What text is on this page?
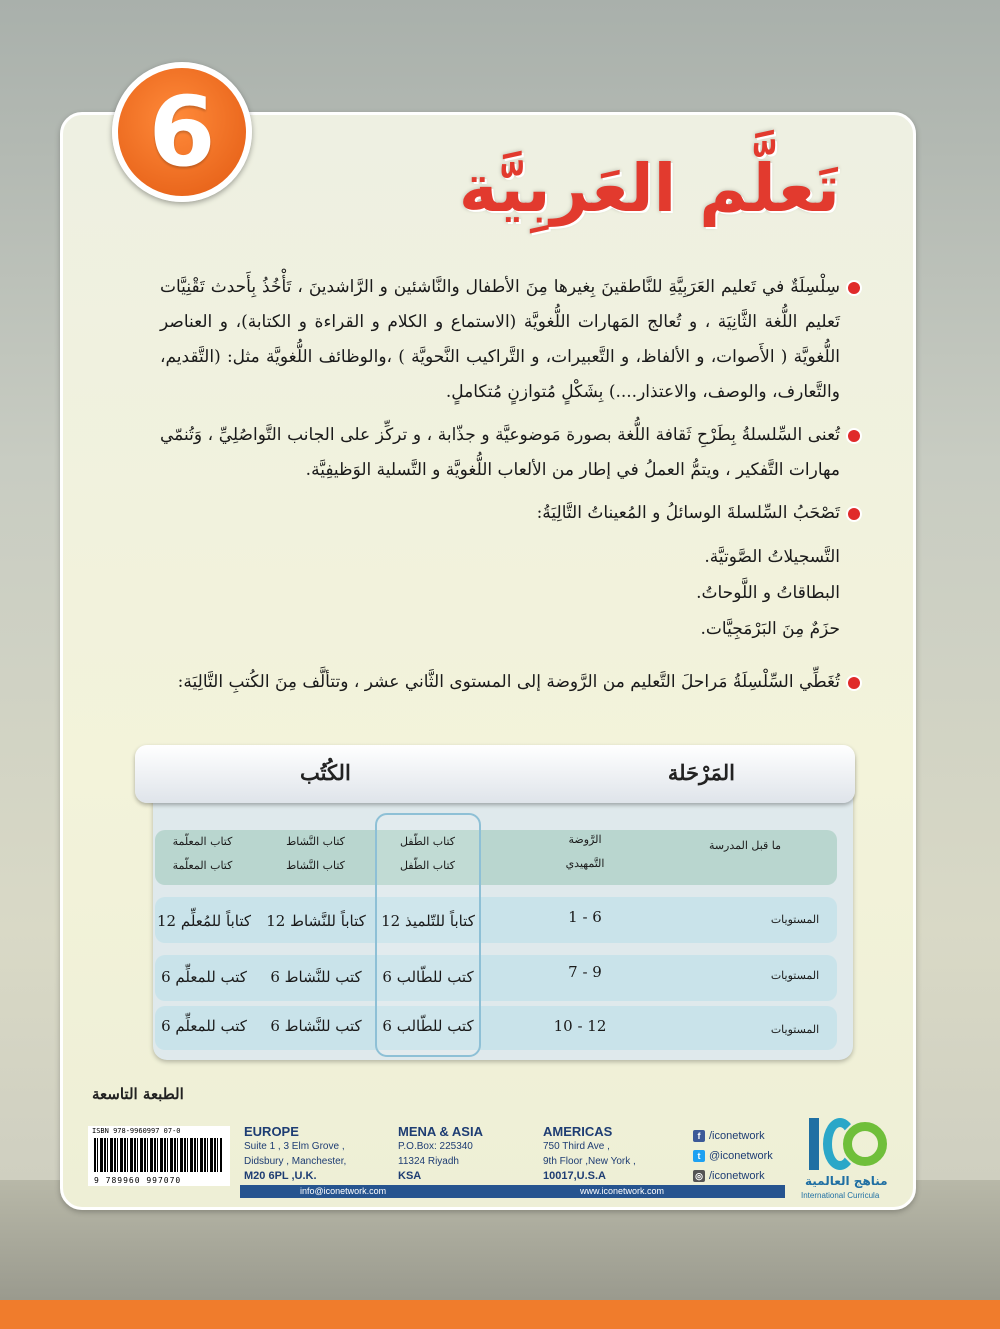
6
تَعلَّم العَربِيَّة
سِلْسِلَةٌ في تَعليم العَرَبِيَّةِ للنَّاطقينَ بِغيرها مِنَ الأطفال والنَّاشئين و الرَّاشدينَ ، تَأْخُذُ بِأَحدث تَقْنِيَّات تَعليم اللُّغة الثَّانِيَة ، و تُعالج المَهارات اللُّغويَّة (الاستماع و الكلام و القراءة و الكتابة)، و العناصر اللُّغويَّة ( الأَصوات، و الألفاظ، و التَّعبيرات، و التَّراكيب النَّحويَّة ) ،والوظائف اللُّغويَّة مثل: (التَّقديم، والتَّعارف، والوصف، والاعتذار....) بِشَكْلٍ مُتوازنٍ مُتكاملٍ.
تُعنى السِّلسلةُ بِطَرْحِ ثَقافة اللُّغة بصورة مَوضوعيَّة و جذّابة ، و تركِّز على الجانب التَّواصُلِيِّ ، وَتُنمّي مهارات التَّفكير ، ويتمُّ العملُ في إطار من الألعاب اللُّغويَّة و التَّسلية الوَظيفِيَّة.
تَصْحَبُ السِّلسلةَ الوسائلُ و المُعيناتُ التَّالِيَةُ:
التَّسجيلاتُ الصَّوتيَّة.
البطاقاتُ و اللَّوحاتُ.
حزَمٌ مِنَ البَرْمَجِيَّات.
تُغَطِّي السِّلْسِلَةُ مَراحلَ التَّعليم من الرَّوضة إلى المستوى الثَّاني عشر ، وتتألَّف مِنَ الكُتبِ التَّالِيَة:
المَرْحَلة
الكُتُب
ما قبل المدرسة
الرَّوضة
التَّمهيدي
كتاب الطّفل
كتاب الطّفل
كتاب النَّشاط
كتاب النَّشاط
كتاب المعلّمة
كتاب المعلّمة
المستويات
1 - 6
12 كتاباً للتّلميذ
12 كتاباً للنَّشاط
12 كتاباً للمُعلِّم
المستويات
7 - 9
6 كتب للطّالب
6 كتب للنَّشاط
6 كتب للمعلِّم
المستويات
10 - 12
6 كتب للطّالب
6 كتب للنَّشاط
6 كتب للمعلِّم
الطبعة التاسعة
ISBN 978-9960997 07-0
9 789960 997070
EUROPE
Suite 1 , 3 Elm Grove ,
Didsbury , Manchester,
M20 6PL ,U.K.
MENA & ASIA
P.O.Box: 225340
11324 Riyadh
KSA
AMERICAS
750 Third Ave ,
9th Floor ,New York ,
10017,U.S.A
info@iconetwork.com	www.iconetwork.com
f /iconetwork
t @iconetwork
◎ /iconetwork	مناهج العالمية
International Curricula
